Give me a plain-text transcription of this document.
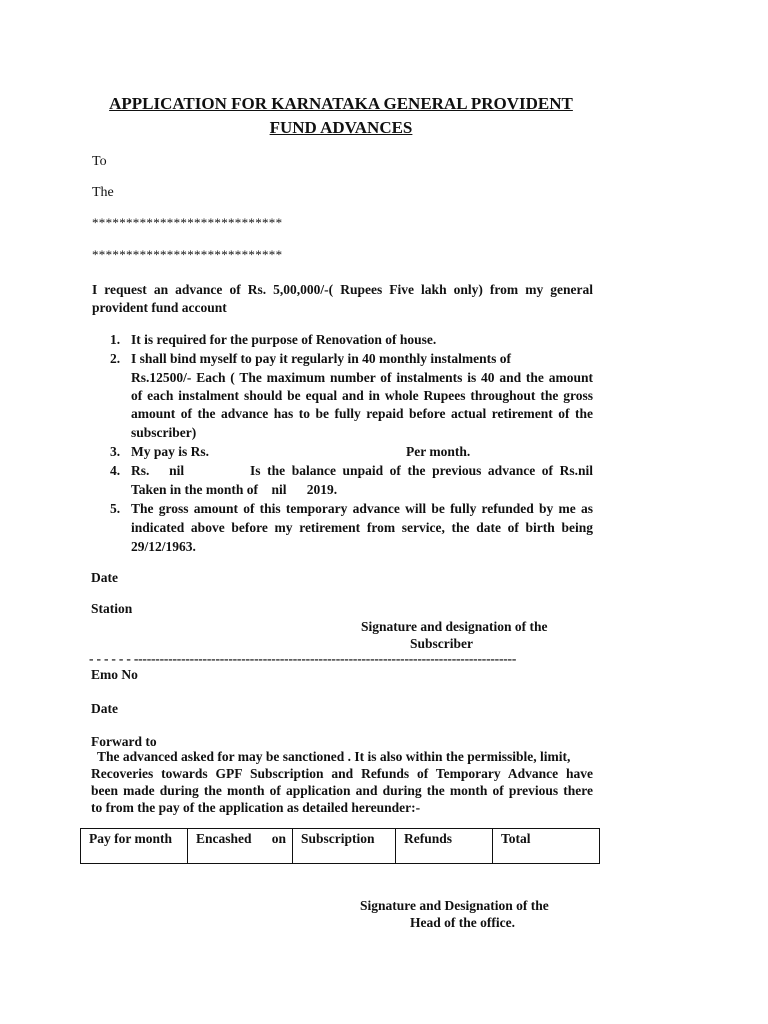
APPLICATION FOR KARNATAKA GENERAL PROVIDENT
FUND ADVANCES
To
The
****************************
****************************
I request an advance of Rs. 5,00,000/-( Rupees Five lakh only) from my general
provident fund account
1. It is required for the purpose of Renovation of house.
2. I shall bind myself to pay it regularly in 40 monthly instalments of
Rs.12500/- Each ( The maximum number of instalments is 40 and the amount
of each instalment should be equal and in whole Rupees throughout the gross
amount of the advance has to be fully repaid before actual retirement of the
subscriber)
3. My pay is Rs.	Per month.
4. Rs.   nil          Is the balance unpaid of the previous advance of Rs.nil
Taken in the month of    nil      2019.
5. The gross amount of this temporary advance will be fully refunded by me as
indicated above before my retirement from service, the date of birth being
29/12/1963.
Date
Station
Signature and designation of the
Subscriber
- - - - - - -----------------------------------------------------------------------------------------
Emo No
Date
Forward to
The advanced asked for may be sanctioned . It is also within the permissible, limit,
Recoveries towards GPF Subscription and Refunds of Temporary Advance have
been made during the month of application and during the month of previous there
to from the pay of the application as detailed hereunder:-
Pay for month	Encashed      on	Subscription	Refunds	Total
Signature and Designation of the
Head of the office.
